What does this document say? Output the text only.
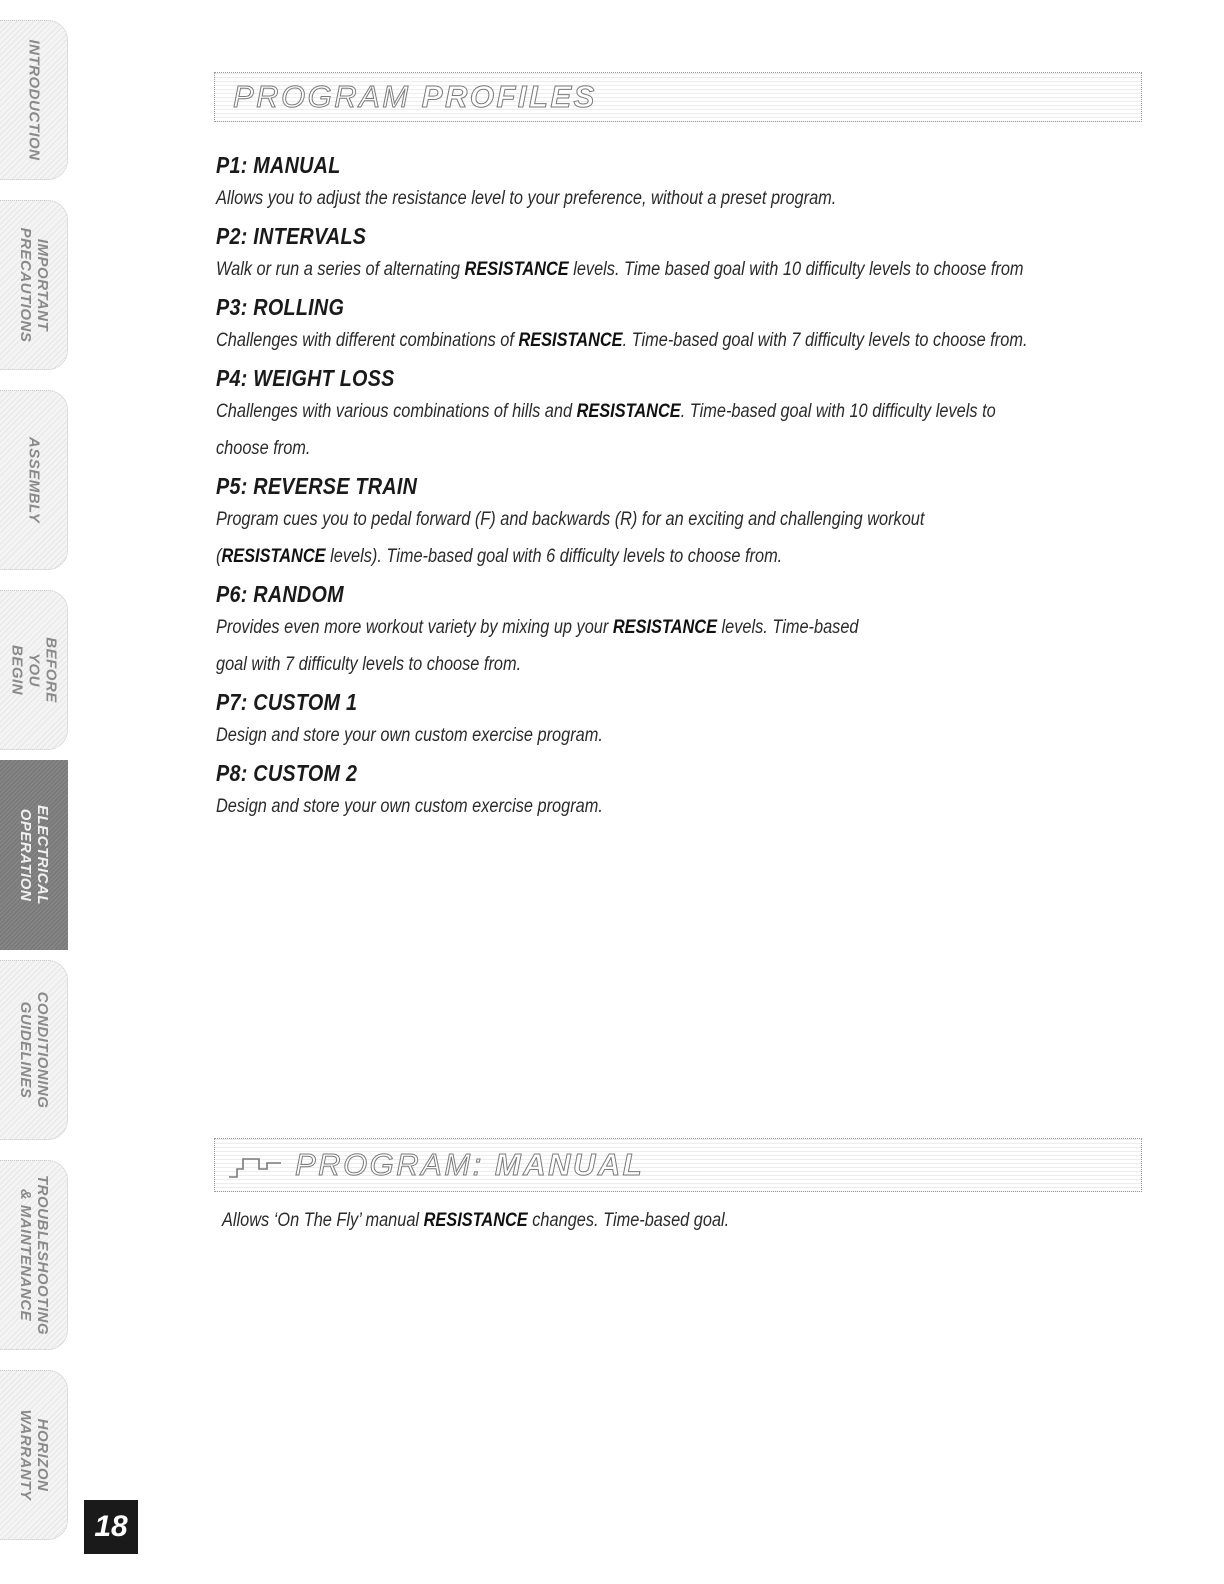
INTRODUCTION
IMPORTANT
PRECAUTIONS
ASSEMBLY
BEFORE
YOU BEGIN
ELECTRICAL
OPERATION
CONDITIONING
GUIDELINES
TROUBLESHOOTING
& MAINTENANCE
HORIZON
WARRANTY
PROGRAM PROFILES
P1: MANUAL

Allows you to adjust the resistance level to your preference, without a preset program.

P2: INTERVALS

Walk or run a series of alternating RESISTANCE levels. Time based goal with 10 difficulty levels to choose from

P3: ROLLING

Challenges with different combinations of RESISTANCE. Time-based goal with 7 difficulty levels to choose from.

P4: WEIGHT LOSS

Challenges with various combinations of hills and RESISTANCE. Time-based goal with 10 difficulty levels to

choose from.

P5: REVERSE TRAIN

Program cues you to pedal forward (F) and backwards (R) for an exciting and challenging workout

(RESISTANCE levels). Time-based goal with 6 difficulty levels to choose from.

P6: RANDOM

Provides even more workout variety by mixing up your RESISTANCE levels. Time-based

goal with 7 difficulty levels to choose from.

P7: CUSTOM 1

Design and store your own custom exercise program.

P8: CUSTOM 2

Design and store your own custom exercise program.

PROGRAM: MANUAL
Allows ‘On The Fly’ manual RESISTANCE changes. Time-based goal.
18
